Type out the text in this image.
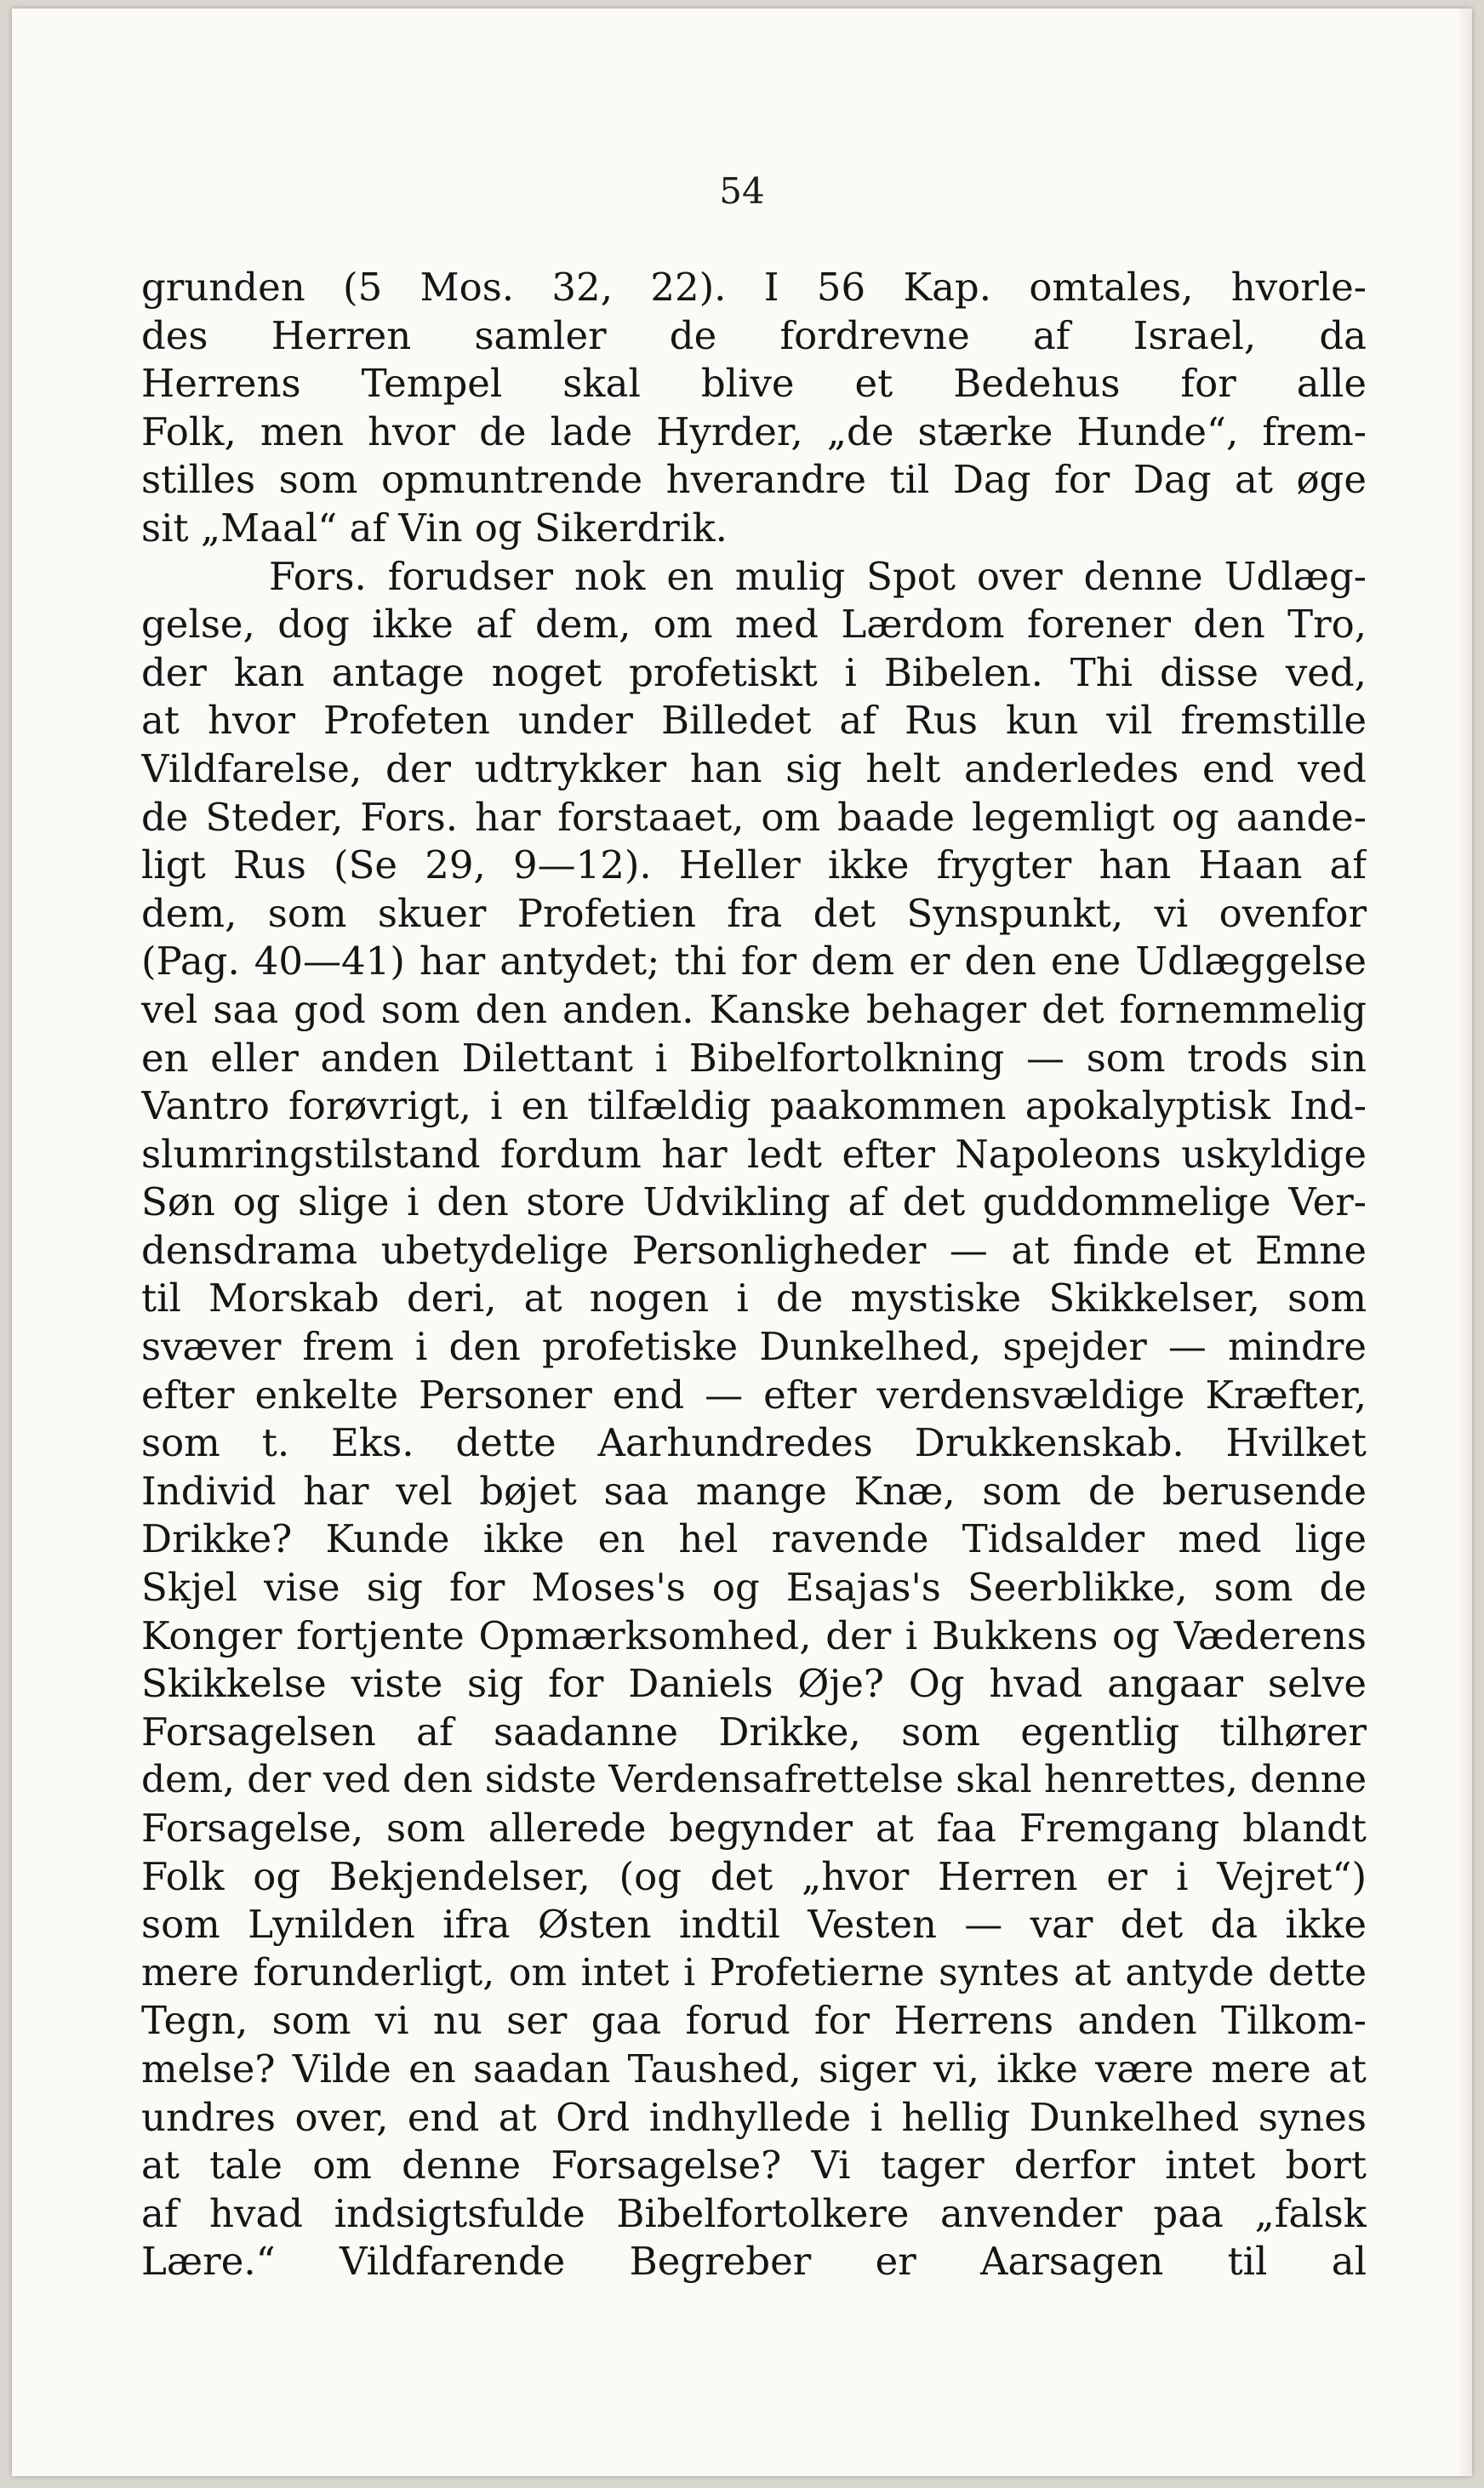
54
grunden (5 Mos. 32, 22). I 56 Kap. omtales, hvorle-
des Herren samler de fordrevne af Israel, da
Herrens Tempel skal blive et Bedehus for alle
Folk, men hvor de lade Hyrder, „de stærke Hunde“, frem-
stilles som opmuntrende hverandre til Dag for Dag at øge
sit „Maal“ af Vin og Sikerdrik.
Fors. forudser nok en mulig Spot over denne Udlæg-
gelse, dog ikke af dem, om med Lærdom forener den Tro,
der kan antage noget profetiskt i Bibelen. Thi disse ved,
at hvor Profeten under Billedet af Rus kun vil fremstille
Vildfarelse, der udtrykker han sig helt anderledes end ved
de Steder, Fors. har forstaaet, om baade legemligt og aande-
ligt Rus (Se 29, 9—12). Heller ikke frygter han Haan af
dem, som skuer Profetien fra det Synspunkt, vi ovenfor
(Pag. 40—41) har antydet; thi for dem er den ene Udlæggelse
vel saa god som den anden. Kanske behager det fornemmelig
en eller anden Dilettant i Bibelfortolkning — som trods sin
Vantro forøvrigt, i en tilfældig paakommen apokalyptisk Ind-
slumringstilstand fordum har ledt efter Napoleons uskyldige
Søn og slige i den store Udvikling af det guddommelige Ver-
densdrama ubetydelige Personligheder — at finde et Emne
til Morskab deri, at nogen i de mystiske Skikkelser, som
svæver frem i den profetiske Dunkelhed, spejder — mindre
efter enkelte Personer end — efter verdensvældige Kræfter,
som t. Eks. dette Aarhundredes Drukkenskab. Hvilket
Individ har vel bøjet saa mange Knæ, som de berusende
Drikke? Kunde ikke en hel ravende Tidsalder med lige
Skjel vise sig for Moses's og Esajas's Seerblikke, som de
Konger fortjente Opmærksomhed, der i Bukkens og Væderens
Skikkelse viste sig for Daniels Øje? Og hvad angaar selve
Forsagelsen af saadanne Drikke, som egentlig tilhører
dem, der ved den sidste Verdensafrettelse skal henrettes, denne
Forsagelse, som allerede begynder at faa Fremgang blandt
Folk og Bekjendelser, (og det „hvor Herren er i Vejret“)
som Lynilden ifra Østen indtil Vesten — var det da ikke
mere forunderligt, om intet i Profetierne syntes at antyde dette
Tegn, som vi nu ser gaa forud for Herrens anden Tilkom-
melse? Vilde en saadan Taushed, siger vi, ikke være mere at
undres over, end at Ord indhyllede i hellig Dunkelhed synes
at tale om denne Forsagelse? Vi tager derfor intet bort
af hvad indsigtsfulde Bibelfortolkere anvender paa „falsk
Lære.“ Vildfarende Begreber er Aarsagen til al
